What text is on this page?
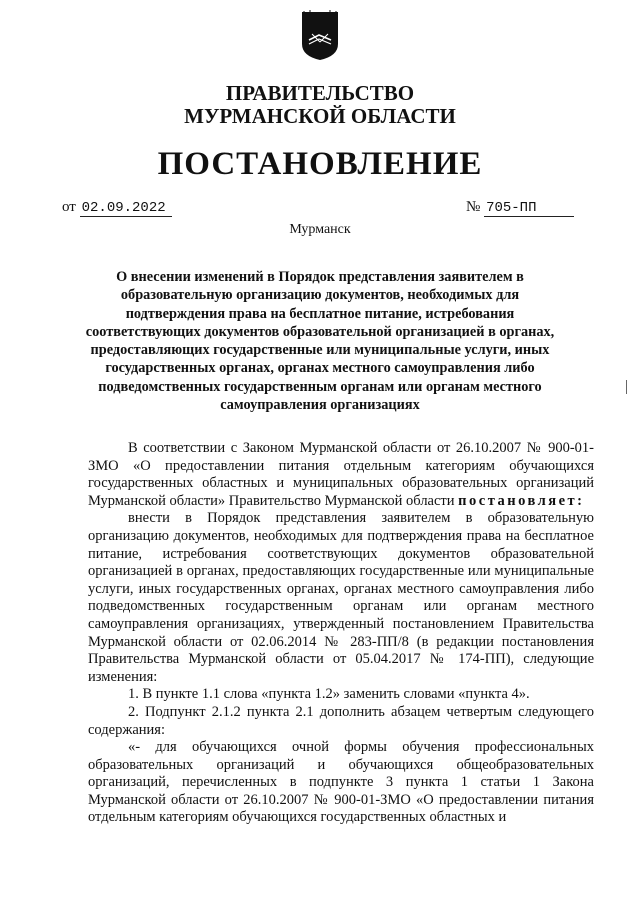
ПРАВИТЕЛЬСТВО
МУРМАНСКОЙ ОБЛАСТИ
ПОСТАНОВЛЕНИЕ
от 02.09.2022	№ 705-ПП
Мурманск
О внесении изменений в Порядок представления заявителем в образовательную организацию документов, необходимых для подтверждения права на бесплатное питание, истребования соответствующих документов образовательной организацией в органах, предоставляющих государственные или муниципальные услуги, иных государственных органах, органах местного самоуправления либо подведомственных государственным органам или органам местного самоуправления организациях

В соответствии с Законом Мурманской области от 26.10.2007 № 900-01-ЗМО «О предоставлении питания отдельным категориям обучающихся государственных областных и муниципальных образовательных организаций Мурманской области» Правительство Мурманской области постановляет:

внести в Порядок представления заявителем в образовательную организацию документов, необходимых для подтверждения права на бесплатное питание, истребования соответствующих документов образовательной организацией в органах, предоставляющих государственные или муниципальные услуги, иных государственных органах, органах местного самоуправления либо подведомственных государственным органам или органам местного самоуправления организациях, утвержденный постановлением Правительства Мурманской области от 02.06.2014 № 283-ПП/8 (в редакции постановления Правительства Мурманской области от 05.04.2017 № 174-ПП), следующие изменения:

1. В пункте 1.1 слова «пункта 1.2» заменить словами «пункта 4».

2. Подпункт 2.1.2 пункта 2.1 дополнить абзацем четвертым следующего содержания:

«- для обучающихся очной формы обучения профессиональных образовательных организаций и обучающихся общеобразовательных организаций, перечисленных в подпункте 3 пункта 1 статьи 1 Закона Мурманской области от 26.10.2007 № 900-01-ЗМО «О предоставлении питания отдельным категориям обучающихся государственных областных и
